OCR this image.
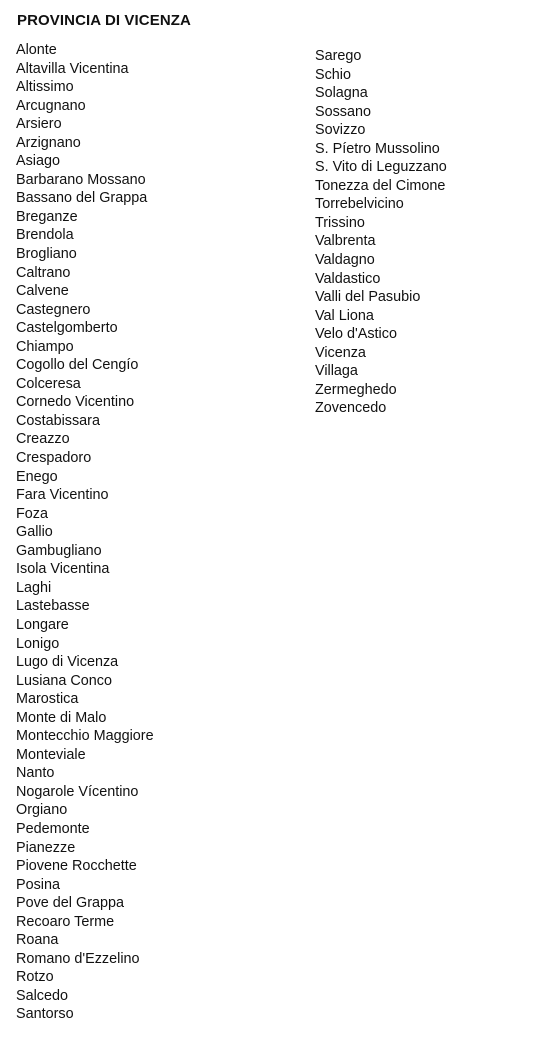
PROVINCIA DI VICENZA
Alonte
Altavilla Vicentina
Altissimo
Arcugnano
Arsiero
Arzignano
Asiago
Barbarano Mossano
Bassano del Grappa
Breganze
Brendola
Brogliano
Caltrano
Calvene
Castegnero
Castelgomberto
Chiampo
Cogollo del Cengío
Colceresa
Cornedo Vicentino
Costabissara
Creazzo
Crespadoro
Enego
Fara Vicentino
Foza
Gallio
Gambugliano
Isola Vicentina
Laghi
Lastebasse
Longare
Lonigo
Lugo di Vicenza
Lusiana Conco
Marostica
Monte di Malo
Montecchio Maggiore
Monteviale
Nanto
Nogarole Vícentino
Orgiano
Pedemonte
Pianezze
Piovene Rocchette
Posina
Pove del Grappa
Recoaro Terme
Roana
Romano d'Ezzelino
Rotzo
Salcedo
Santorso
Sarego
Schio
Solagna
Sossano
Sovizzo
S. Píetro Mussolino
S. Vito di Leguzzano
Tonezza del Cimone
Torrebelvicino
Trissino
Valbrenta
Valdagno
Valdastico
Valli del Pasubio
Val Liona
Velo d'Astico
Vicenza
Villaga
Zermeghedo
Zovencedo
